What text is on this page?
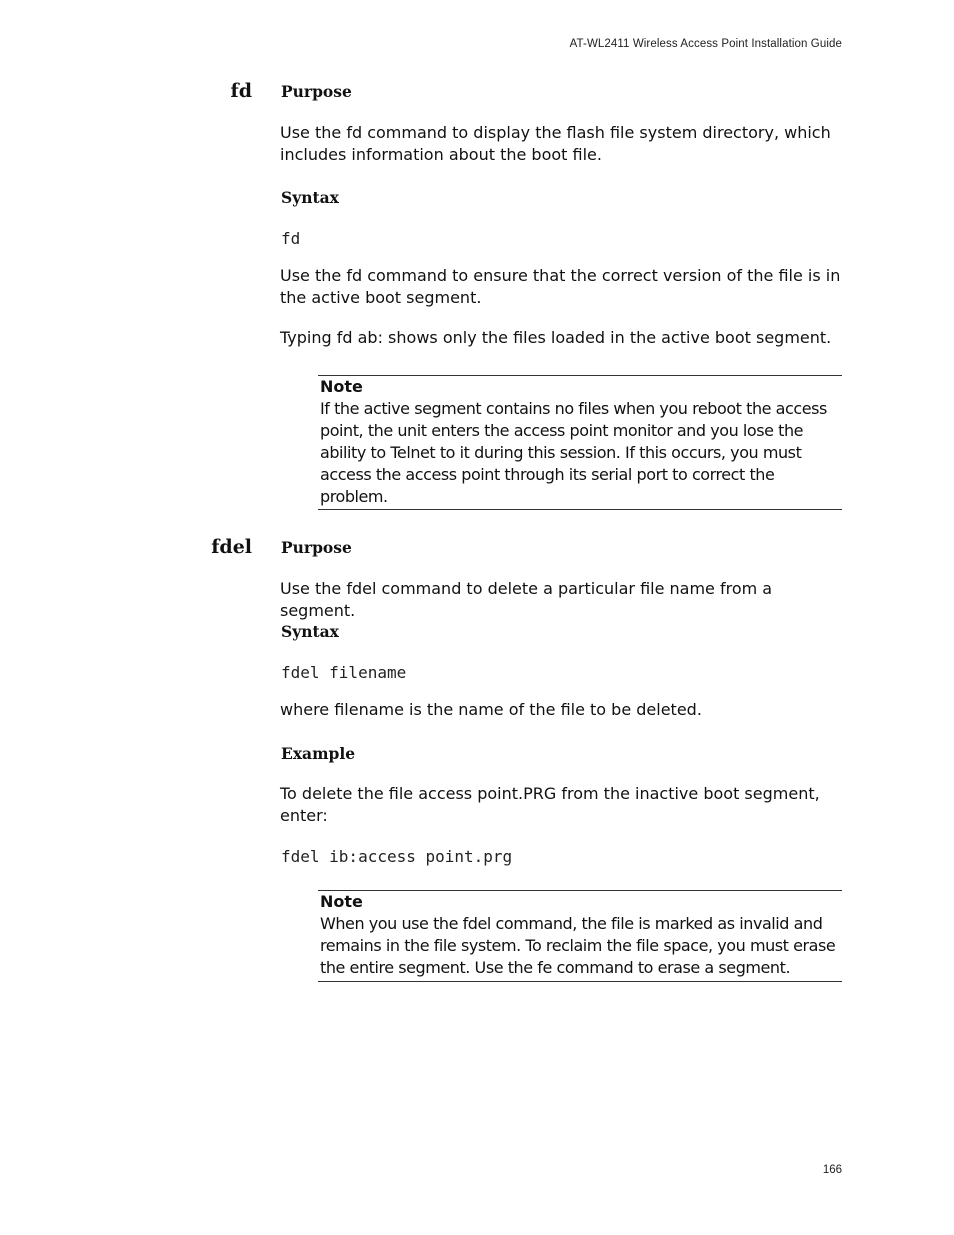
AT-WL2411 Wireless Access Point Installation Guide
fd Purpose
Use the fd command to display the flash file system directory, which includes information about the boot file.
Syntax
fd
Use the fd command to ensure that the correct version of the file is in the active boot segment.
Typing fd ab: shows only the files loaded in the active boot segment.
Note
If the active segment contains no files when you reboot the access point, the unit enters the access point monitor and you lose the ability to Telnet to it during this session. If this occurs, you must access the access point through its serial port to correct the problem.
fdel Purpose
Use the fdel command to delete a particular file name from a segment.
Syntax
fdel filename
where filename is the name of the file to be deleted.
Example
To delete the file access point.PRG from the inactive boot segment, enter:
fdel ib:access point.prg
Note
When you use the fdel command, the file is marked as invalid and remains in the file system. To reclaim the file space, you must erase the entire segment. Use the fe command to erase a segment.
166
